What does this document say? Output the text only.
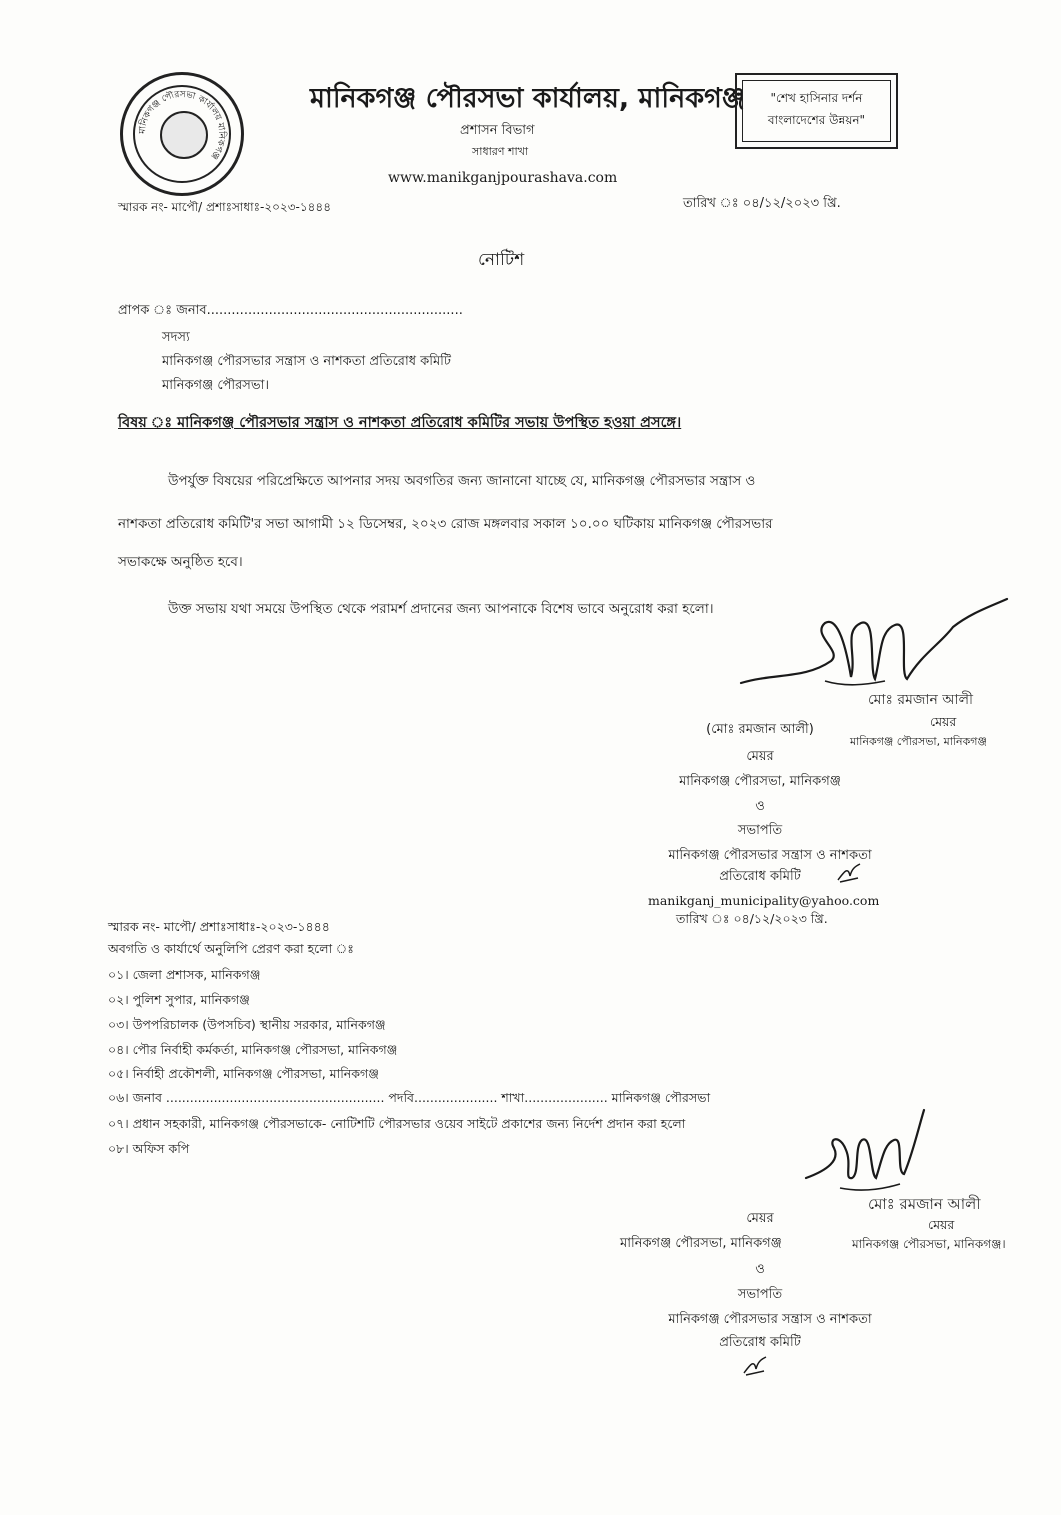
মানিকগঞ্জ পৌরসভা কার্যালয় মানিকগঞ্জ
মানিকগঞ্জ পৌরসভা কার্যালয়, মানিকগঞ্জ
প্রশাসন বিভাগ
সাধারণ শাখা
www.manikganjpourashava.com
"শেখ হাসিনার দর্শন
বাংলাদেশের উন্নয়ন"
স্মারক নং- মাপৌ/ প্রশাঃসাধাঃ-২০২৩-১৪৪৪	তারিখ ঃ ০৪/১২/২০২৩ খ্রি.
নোটিশ
প্রাপক ঃ জনাব..............................................................
সদস্য
মানিকগঞ্জ পৌরসভার সন্ত্রাস ও নাশকতা প্রতিরোধ কমিটি
মানিকগঞ্জ পৌরসভা।
বিষয় ঃ মানিকগঞ্জ পৌরসভার সন্ত্রাস ও নাশকতা প্রতিরোধ কমিটির সভায় উপস্থিত হওয়া প্রসঙ্গে।
উপর্যুক্ত বিষয়ের পরিপ্রেক্ষিতে আপনার সদয় অবগতির জন্য জানানো যাচ্ছে যে, মানিকগঞ্জ পৌরসভার সন্ত্রাস ও
নাশকতা প্রতিরোধ কমিটি'র সভা আগামী ১২ ডিসেম্বর, ২০২৩ রোজ মঙ্গলবার সকাল ১০.০০ ঘটিকায় মানিকগঞ্জ পৌরসভার
সভাকক্ষে অনুষ্ঠিত হবে।
উক্ত সভায় যথা সময়ে উপস্থিত থেকে পরামর্শ প্রদানের জন্য আপনাকে বিশেষ ভাবে অনুরোধ করা হলো।
মোঃ রমজান আলী
মেয়র
মানিকগঞ্জ পৌরসভা, মানিকগঞ্জ
(মোঃ রমজান আলী)
মেয়র
মানিকগঞ্জ পৌরসভা, মানিকগঞ্জ
ও
সভাপতি
মানিকগঞ্জ পৌরসভার সন্ত্রাস ও নাশকতা
প্রতিরোধ কমিটি
manikganj_municipality@yahoo.com
তারিখ ঃ ০৪/১২/২০২৩ খ্রি.
স্মারক নং- মাপৌ/ প্রশাঃসাধাঃ-২০২৩-১৪৪৪
অবগতি ও কার্যার্থে অনুলিপি প্রেরণ করা হলো ঃ
০১। জেলা প্রশাসক, মানিকগঞ্জ
০২। পুলিশ সুপার, মানিকগঞ্জ
০৩। উপপরিচালক (উপসচিব) স্থানীয় সরকার, মানিকগঞ্জ
০৪। পৌর নির্বাহী কর্মকর্তা, মানিকগঞ্জ পৌরসভা, মানিকগঞ্জ
০৫। নির্বাহী প্রকৌশলী, মানিকগঞ্জ পৌরসভা, মানিকগঞ্জ
০৬। জনাব ....................................................... পদবি..................... শাখা..................... মানিকগঞ্জ পৌরসভা
০৭। প্রধান সহকারী, মানিকগঞ্জ পৌরসভাকে- নোটিশটি পৌরসভার ওয়েব সাইটে প্রকাশের জন্য নির্দেশ প্রদান করা হলো
০৮। অফিস কপি
মোঃ রমজান আলী
মেয়র
মানিকগঞ্জ পৌরসভা, মানিকগঞ্জ।
মেয়র
মানিকগঞ্জ পৌরসভা, মানিকগঞ্জ
ও
সভাপতি
মানিকগঞ্জ পৌরসভার সন্ত্রাস ও নাশকতা
প্রতিরোধ কমিটি
